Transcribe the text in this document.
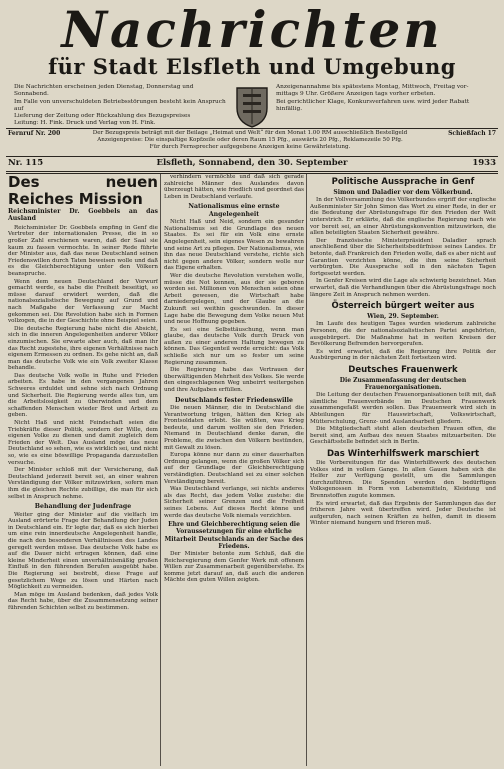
Nachrichten
für Stadt Elsfleth und Umgebung

Die Nachrichten erscheinen jeden Dienstag, Donnerstag und Sonnabend.

Im Falle von unverschuldeten Betriebsstörungen besteht kein Anspruch auf

Lieferung der Zeitung oder Rückzahlung des Bezugspreises

Leitung: H. Fink. Druck und Verlag von H. Fink.

Anzeigenannahme bis spätestens Montag, Mittwoch, Freitag vor-

mittags 9 Uhr. Größere Anzeigen tags vorher erbeten.

Bei gerichtlicher Klage, Konkursverfahren usw. wird jeder Rabatt hinfällig.

Fernruf Nr. 200	Der Bezugspreis beträgt mit der Beilage „Heimat und Welt“ für den Monat 1.00 RM ausschließlich Bestellgeld

Anzeigenpreise: Die einspaltige Kopfzeile oder deren Raum 15 Pfg., auswärts 20 Pfg., Reklamezeile 50 Pfg.

Für durch Fernsprecher aufgegebene Anzeigen keine Gewährleistung.

Schießfach 17
Nr. 115	Elsfleth, Sonnabend, den 30. September	1933
Des neuen Reiches Mission
Reichsminister Dr. Goebbels an das Ausland

Reichsminister Dr. Goebbels empfing in Genf die Vertreter der internationalen Presse, die in so großer Zahl erschienen waren, daß der Saal sie kaum zu fassen vermochte. In seiner Rede führte der Minister aus, daß das neue Deutschland seinen Friedenswillen durch Taten beweisen wolle und daß es die Gleichberechtigung unter den Völkern beanspruche.

Wenn dem neuen Deutschland der Vorwurf gemacht werde, es habe die Freiheit beseitigt, so müsse darauf erwidert werden, daß die nationalsozialistische Bewegung auf Grund und nach Maßgabe der Verfassung zur Macht gekommen sei. Die Revolution habe sich in Formen vollzogen, die in der Geschichte ohne Beispiel seien.

Die deutsche Regierung habe nicht die Absicht, sich in die inneren Angelegenheiten anderer Völker einzumischen. Sie erwarte aber auch, daß man ihr das Recht zugestehe, ihre eigenen Verhältnisse nach eigenem Ermessen zu ordnen. Es gehe nicht an, daß man das deutsche Volk wie ein Volk zweiter Klasse behandle.

Das deutsche Volk wolle in Ruhe und Frieden arbeiten. Es habe in den vergangenen Jahren Schweres erduldet und sehne sich nach Ordnung und Sicherheit. Die Regierung werde alles tun, um die Arbeitslosigkeit zu überwinden und dem schaffenden Menschen wieder Brot und Arbeit zu geben.

Nicht Haß und nicht Feindschaft seien die Triebkräfte dieser Politik, sondern der Wille, dem eigenen Volke zu dienen und damit zugleich dem Frieden der Welt. Das Ausland möge das neue Deutschland so sehen, wie es wirklich sei, und nicht so, wie es eine böswillige Propaganda darzustellen versuche.

Der Minister schloß mit der Versicherung, daß Deutschland jederzeit bereit sei, an einer wahren Verständigung der Völker mitzuwirken, sofern man ihm die gleichen Rechte zubillige, die man für sich selbst in Anspruch nehme.

Behandlung der Judenfrage

Weiter ging der Minister auf die vielfach im Ausland erörterte Frage der Behandlung der Juden in Deutschland ein. Er legte dar, daß es sich hierbei um eine rein innerdeutsche Angelegenheit handle, die nach den besonderen Verhältnissen des Landes geregelt werden müsse. Das deutsche Volk habe es auf die Dauer nicht ertragen können, daß eine kleine Minderheit einen unverhältnismäßig großen Einfluß in den führenden Berufen ausgeübt habe. Die Regierung sei bestrebt, diese Frage auf gesetzlichem Wege zu lösen und Härten nach Möglichkeit zu vermeiden.

Man möge im Ausland bedenken, daß jedes Volk das Recht habe, über die Zusammensetzung seiner führenden Schichten selbst zu bestimmen.

verhindern vermöchte und daß sich gerade zahlreiche Männer des Auslandes davon überzeugt hätten, wie friedlich und geordnet das Leben in Deutschland verlaufe.

Nationalismus eine ernste Angelegenheit

Nicht Haß und Neid, sondern ein gesunder Nationalismus sei die Grundlage des neuen Staates. Es sei für ein Volk eine ernste Angelegenheit, sein eigenes Wesen zu bewahren und seine Art zu pflegen. Der Nationalismus, wie ihn das neue Deutschland verstehe, richte sich nicht gegen andere Völker, sondern wolle nur das Eigene erhalten.

Wer die deutsche Revolution verstehen wolle, müsse die Not kennen, aus der sie geboren worden sei. Millionen von Menschen seien ohne Arbeit gewesen, die Wirtschaft habe darniedergelegen, und der Glaube an die Zukunft sei weithin geschwunden. In dieser Lage habe die Bewegung dem Volke neuen Mut und neue Hoffnung gegeben.

Es sei eine Selbsttäuschung, wenn man glaube, das deutsche Volk durch Druck von außen zu einer anderen Haltung bewegen zu können. Das Gegenteil werde erreicht: das Volk schließe sich nur um so fester um seine Regierung zusammen.

Die Regierung habe das Vertrauen der überwältigenden Mehrheit des Volkes. Sie werde den eingeschlagenen Weg unbeirrt weitergehen und ihre Aufgaben erfüllen.

Deutschlands fester Friedenswille

Die neuen Männer, die in Deutschland die Verantwortung trügen, hätten den Krieg als Frontsoldaten erlebt. Sie wüßten, was Krieg bedeute, und darum wollten sie den Frieden. Niemand in Deutschland denke daran, die Probleme, die zwischen den Völkern bestünden, mit Gewalt zu lösen.

Europa könne nur dann zu einer dauerhaften Ordnung gelangen, wenn die großen Völker sich auf der Grundlage der Gleichberechtigung verständigten. Deutschland sei zu einer solchen Verständigung bereit.

Was Deutschland verlange, sei nichts anderes als das Recht, das jedem Volke zustehe: die Sicherheit seiner Grenzen und die Freiheit seines Lebens. Auf dieses Recht könne und werde das deutsche Volk niemals verzichten.

Ehre und Gleichberechtigung seien die Voraussetzungen für eine ehrliche Mitarbeit Deutschlands an der Sache des Friedens.

Der Minister betonte zum Schluß, daß die Reichsregierung dem Genfer Werk mit offenem Willen zur Zusammenarbeit gegenüberstehe. Es komme jetzt darauf an, daß auch die anderen Mächte den guten Willen zeigten.

Politische Aussprache in Genf
Simon und Daladier vor dem Völkerbund.

In der Vollversammlung des Völkerbundes ergriff der englische Außenminister Sir John Simon das Wort zu einer Rede, in der er die Bedeutung der Abrüstungsfrage für den Frieden der Welt unterstrich. Er erklärte, daß die englische Regierung nach wie vor bereit sei, an einer Abrüstungskonvention mitzuwirken, die allen beteiligten Staaten Sicherheit gewähre.

Der französische Ministerpräsident Daladier sprach anschließend über die Sicherheitsbedürfnisse seines Landes. Er betonte, daß Frankreich den Frieden wolle, daß es aber nicht auf Garantien verzichten könne, die ihm seine Sicherheit verbürgten. Die Aussprache soll in den nächsten Tagen fortgesetzt werden.

In Genfer Kreisen wird die Lage als schwierig bezeichnet. Man erwartet, daß die Verhandlungen über die Abrüstungsfrage noch längere Zeit in Anspruch nehmen werden.

Österreich bürgert weiter aus
Wien, 29. September.

Im Laufe des heutigen Tages wurden wiederum zahlreiche Personen, die der nationalsozialistischen Partei angehörten, ausgebürgert. Die Maßnahme hat in weiten Kreisen der Bevölkerung Befremden hervorgerufen.

Es wird erwartet, daß die Regierung ihre Politik der Ausbürgerung in der nächsten Zeit fortsetzen wird.

Deutsches Frauenwerk
Die Zusammenfassung der deutschen Frauenorganisationen.

Die Leitung der deutschen Frauenorganisationen teilt mit, daß sämtliche Frauenverbände im Deutschen Frauenwerk zusammengefaßt werden sollen. Das Frauenwerk wird sich in Abteilungen für Hauswirtschaft, Volkswirtschaft, Mütterschulung, Grenz- und Auslandsarbeit gliedern.

Die Mitgliedschaft steht allen deutschen Frauen offen, die bereit sind, am Aufbau des neuen Staates mitzuarbeiten. Die Geschäftsstelle befindet sich in Berlin.

Das Winterhilfswerk marschiert

Die Vorbereitungen für das Winterhilfswerk des deutschen Volkes sind in vollem Gange. In allen Gauen haben sich die Helfer zur Verfügung gestellt, um die Sammlungen durchzuführen. Die Spenden werden den bedürftigen Volksgenossen in Form von Lebensmitteln, Kleidung und Brennstoffen zugute kommen.

Es wird erwartet, daß das Ergebnis der Sammlungen das der früheren Jahre weit übertreffen wird. Jeder Deutsche ist aufgerufen, nach seinen Kräften zu helfen, damit in diesem Winter niemand hungern und frieren muß.
